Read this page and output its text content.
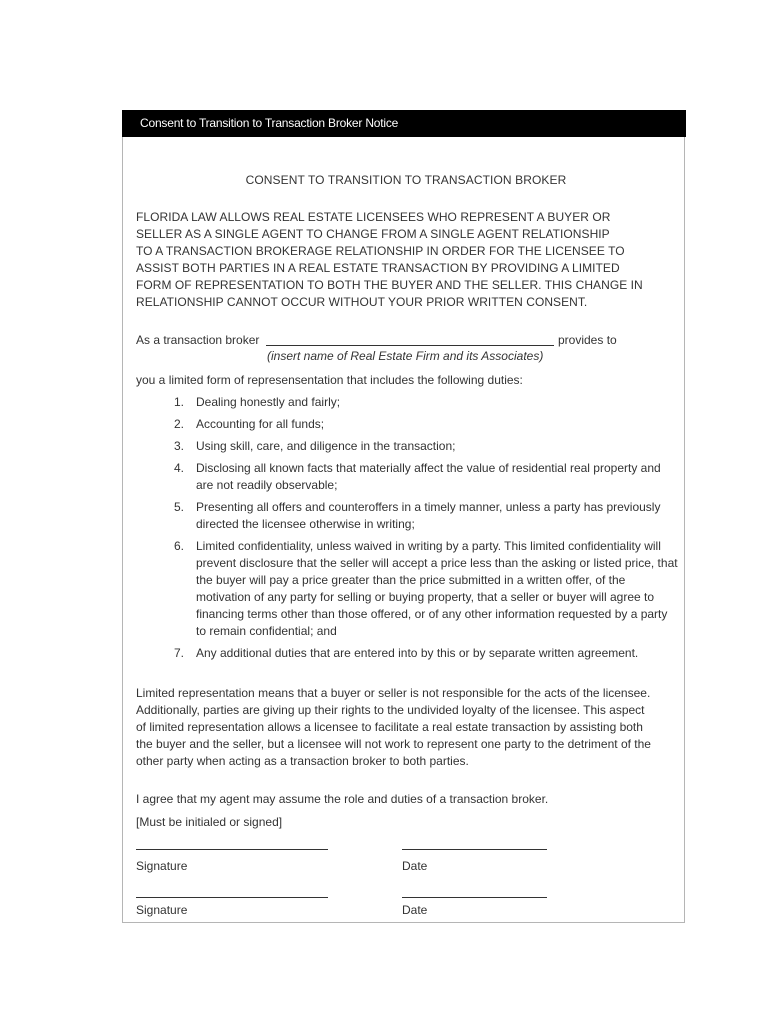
Consent to Transition to Transaction Broker Notice

CONSENT TO TRANSITION TO TRANSACTION BROKER

FLORIDA LAW ALLOWS REAL ESTATE LICENSEES WHO REPRESENT A BUYER OR
SELLER AS A SINGLE AGENT TO CHANGE FROM A SINGLE AGENT RELATIONSHIP
TO A TRANSACTION BROKERAGE RELATIONSHIP IN ORDER FOR THE LICENSEE TO
ASSIST BOTH PARTIES IN A REAL ESTATE TRANSACTION BY PROVIDING A LIMITED
FORM OF REPRESENTATION TO BOTH THE BUYER AND THE SELLER. THIS CHANGE IN
RELATIONSHIP CANNOT OCCUR WITHOUT YOUR PRIOR WRITTEN CONSENT.

As a transaction broker	provides to
(insert name of Real Estate Firm and its Associates)
you a limited form of represensentation that includes the following duties:
1. Dealing honestly and fairly;
2. Accounting for all funds;
3. Using skill, care, and diligence in the transaction;
4. Disclosing all known facts that materially affect the value of residential real property and are not readily observable;
5. Presenting all offers and counteroffers in a timely manner, unless a party has previously directed the licensee otherwise in writing;
6. Limited confidentiality, unless waived in writing by a party. This limited confidentiality will prevent disclosure that the seller will accept a price less than the asking or listed price, that the buyer will pay a price greater than the price submitted in a written offer, of the motivation of any party for selling or buying property, that a seller or buyer will agree to financing terms other than those offered, or of any other information requested by a party to remain confidential; and
7. Any additional duties that are entered into by this or by separate written agreement.

Limited representation means that a buyer or seller is not responsible for the acts of the licensee.
Additionally, parties are giving up their rights to the undivided loyalty of the licensee. This aspect
of limited representation allows a licensee to facilitate a real estate transaction by assisting both
the buyer and the seller, but a licensee will not work to represent one party to the detriment of the
other party when acting as a transaction broker to both parties.

I agree that my agent may assume the role and duties of a transaction broker.
[Must be initialed or signed]
Signature	Date
Signature	Date
